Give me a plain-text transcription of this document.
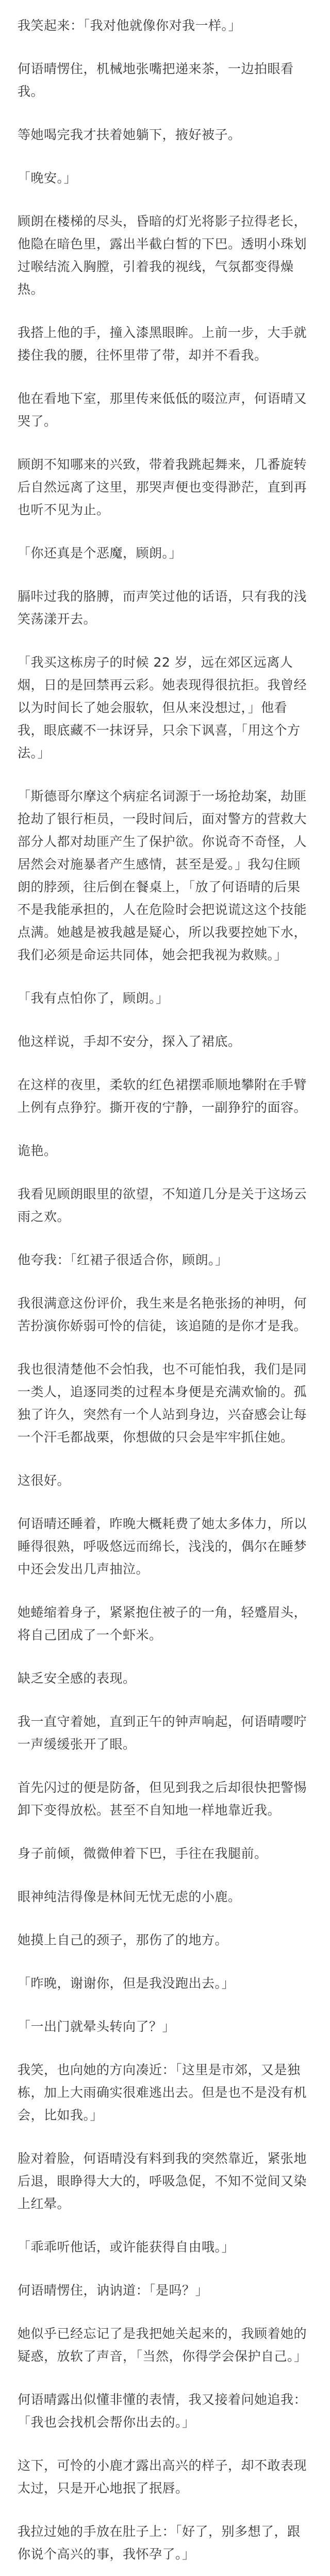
我笑起来：「我对他就像你对我一样。」

何语晴愣住，机械地张嘴把递来茶，一边拍眼看我。

等她喝完我才扶着她躺下，掖好被子。

「晚安。」

顾朗在楼梯的尽头，昏暗的灯光将影子拉得老长，他隐在暗色里，露出半截白皙的下巴。透明小珠划过喉结流入胸膛，引着我的视线，气氛都变得燥热。

我搭上他的手，撞入漆黑眼眸。上前一步，大手就搂住我的腰，往怀里带了带，却并不看我。

他在看地下室，那里传来低低的啜泣声，何语晴又哭了。

顾朗不知哪来的兴致，带着我跳起舞来，几番旋转后自然远离了这里，那哭声便也变得渺茫，直到再也听不见为止。

「你还真是个恶魔，顾朗。」

膈咔过我的胳膊，而声笑过他的话语，只有我的浅笑荡漾开去。

「我买这栋房子的时候 22 岁，远在郊区远离人烟，日的是回禁再云彩。她表现得很抗拒。我曾经以为时间长了她会服软，但从来没想过，」他看我，眼底藏不一抹讶异，只余下讽喜，「用这个方法。」

「斯德哥尔摩这个病症名词源于一场抢劫案，劫匪抢劫了银行柜员，一段时间后，面对警方的营救大部分人都对劫匪产生了保护欲。你说奇不奇怪，人居然会对施暴者产生感情，甚至是爱。」我勾住顾朗的脖颈，往后倒在餐桌上，「放了何语晴的后果不是我能承担的，人在危险时会把说谎这这个技能点满。她越是被我越是疑心，所以我要控她下水，我们必须是命运共同体，她会把我视为救赎。」

「我有点怕你了，顾朗。」

他这样说，手却不安分，探入了裙底。

在这样的夜里，柔软的红色裙摆乖顺地攀附在手臂上例有点狰狞。撕开夜的宁静，一副狰狞的面容。

诡艳。

我看见顾朗眼里的欲望，不知道几分是关于这场云雨之欢。

他夸我：「红裙子很适合你，顾朗。」

我很满意这份评价，我生来是名艳张扬的神明，何苦扮演你娇弱可怜的信徒，该追随的是你才是我。

我也很清楚他不会怕我，也不可能怕我，我们是同一类人，追逐同类的过程本身便是充满欢愉的。孤独了许久，突然有一个人站到身边，兴奋感会让每一个汗毛都战栗，你想做的只会是牢牢抓住她。

这很好。

何语晴还睡着，昨晚大概耗费了她太多体力，所以睡得很熟，呼吸悠远而绵长，浅浅的，偶尔在睡梦中还会发出几声抽泣。

她蜷缩着身子，紧紧抱住被子的一角，轻蹙眉头，将自己团成了一个虾米。

缺乏安全感的表现。

我一直守着她，直到正午的钟声响起，何语晴嘤咛一声缓缓张开了眼。

首先闪过的便是防备，但见到我之后却很快把警惕卸下变得放松。甚至不自知地一样地靠近我。

身子前倾，微微伸着下巴，手往在我腿前。

眼神纯洁得像是林间无忧无虑的小鹿。

她摸上自己的颈子，那伤了的地方。

「昨晚，谢谢你，但是我没跑出去。」

「一出门就晕头转向了？」

我笑，也向她的方向凑近：「这里是市郊，又是独栋，加上大雨确实很难逃出去。但是也不是没有机会，比如我。」

脸对着脸，何语晴没有料到我的突然靠近，紧张地后退，眼睁得大大的，呼吸急促，不知不觉间又染上红晕。

「乖乖听他话，或许能获得自由哦。」

何语晴愣住，讷讷道：「是吗？」

她似乎已经忘记了是我把她关起来的，我顾着她的疑惑，放软了声音，「当然，你得学会保护自己。」

何语晴露出似懂非懂的表情，我又接着问她追我：「我也会找机会帮你出去的。」

这下，可怜的小鹿才露出高兴的样子，却不敢表现太过，只是开心地抿了抿唇。

我拉过她的手放在肚子上：「好了，别多想了，跟你说个高兴的事，我怀孕了。」
